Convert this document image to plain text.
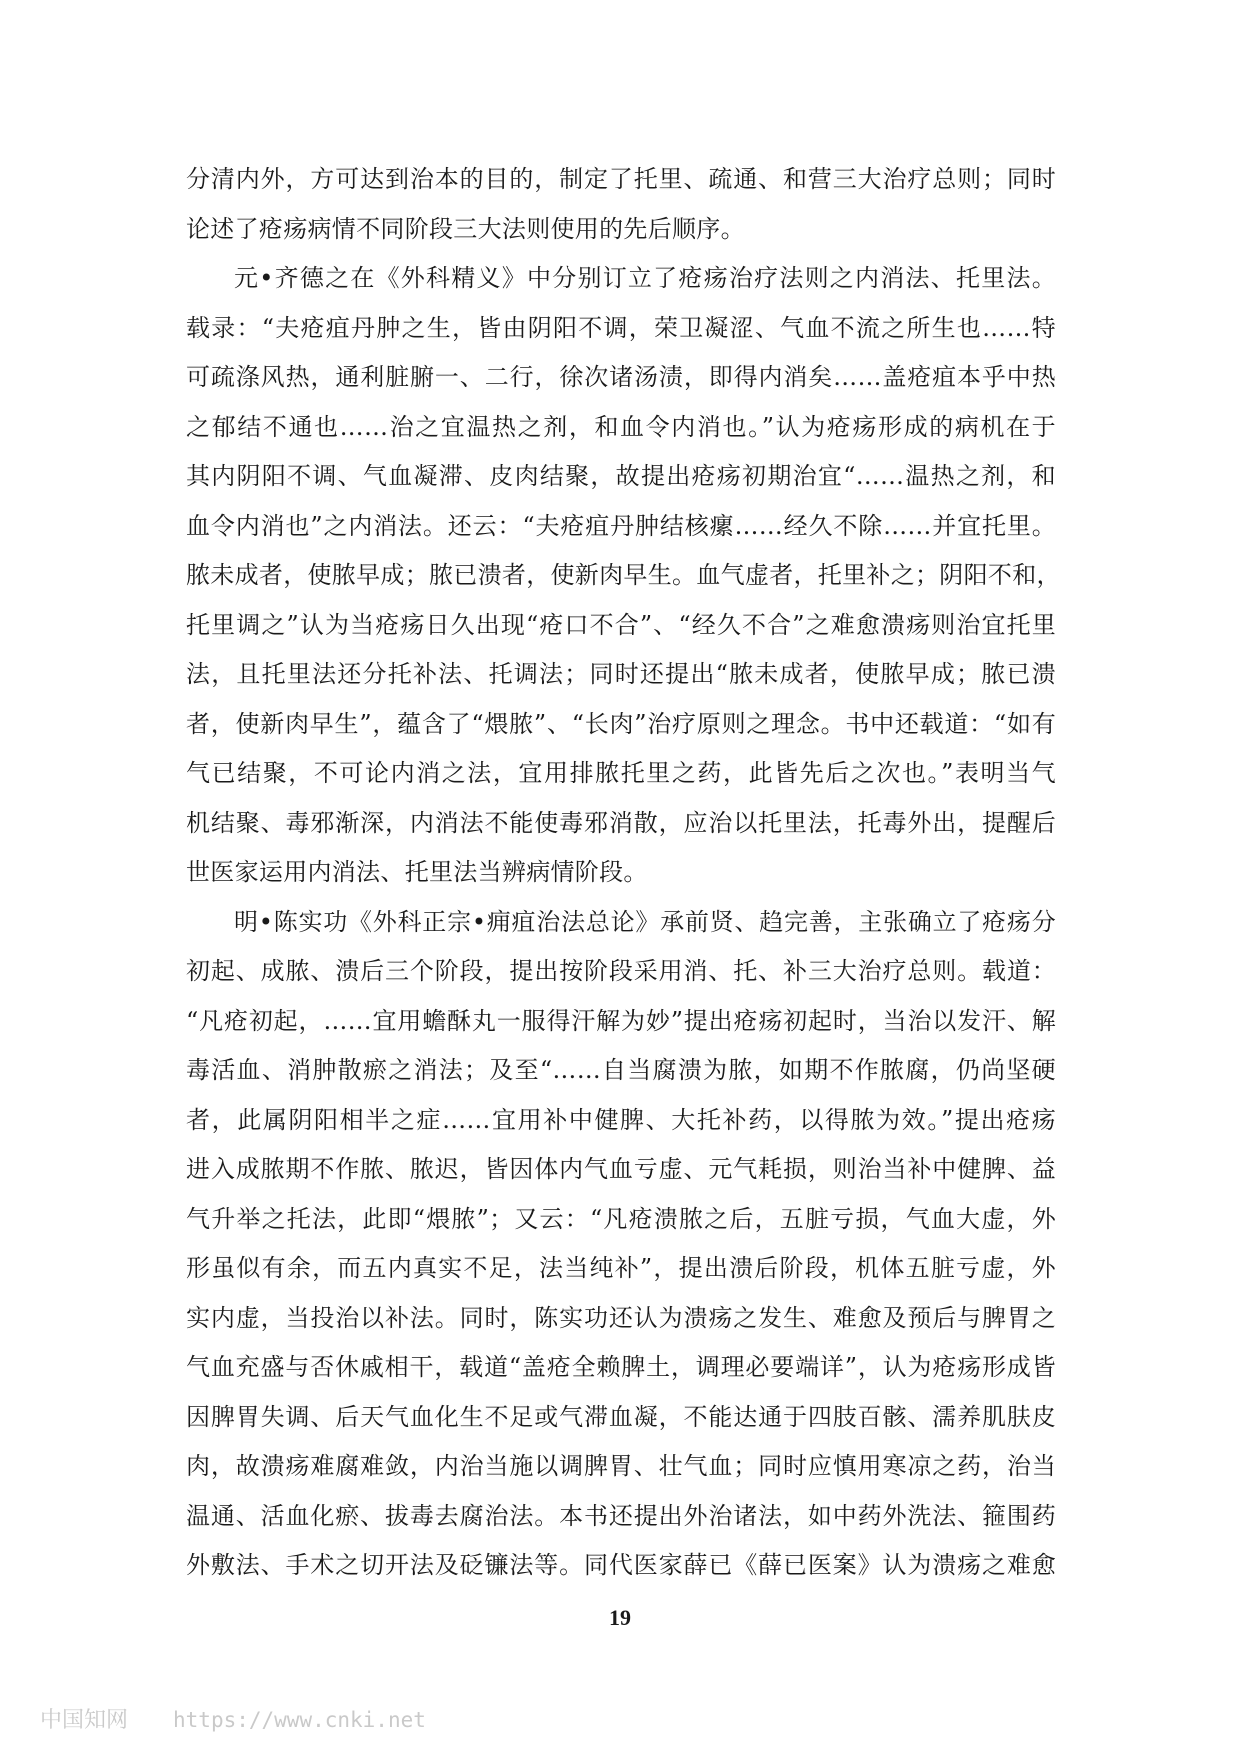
分清内外，方可达到治本的目的，制定了托里、疏通、和营三大治疗总则；同时
论述了疮疡病情不同阶段三大法则使用的先后顺序。
元•齐德之在《外科精义》中分别订立了疮疡治疗法则之内消法、托里法。
载录：“夫疮疽丹肿之生，皆由阴阳不调，荣卫凝涩、气血不流之所生也……特
可疏涤风热，通利脏腑一、二行，徐次诸汤渍，即得内消矣……盖疮疽本乎中热
之郁结不通也……治之宜温热之剂，和血令内消也。”认为疮疡形成的病机在于
其内阴阳不调、气血凝滞、皮肉结聚，故提出疮疡初期治宜“……温热之剂，和
血令内消也”之内消法。还云：“夫疮疽丹肿结核瘰……经久不除……并宜托里。
脓未成者，使脓早成；脓已溃者，使新肉早生。血气虚者，托里补之；阴阳不和，
托里调之”认为当疮疡日久出现“疮口不合”、“经久不合”之难愈溃疡则治宜托里
法，且托里法还分托补法、托调法；同时还提出“脓未成者，使脓早成；脓已溃
者，使新肉早生”，蕴含了“煨脓”、“长肉”治疗原则之理念。书中还载道：“如有
气已结聚，不可论内消之法，宜用排脓托里之药，此皆先后之次也。”表明当气
机结聚、毒邪渐深，内消法不能使毒邪消散，应治以托里法，托毒外出，提醒后
世医家运用内消法、托里法当辨病情阶段。
明•陈实功《外科正宗•痈疽治法总论》承前贤、趋完善，主张确立了疮疡分
初起、成脓、溃后三个阶段，提出按阶段采用消、托、补三大治疗总则。载道：
“凡疮初起，……宜用蟾酥丸一服得汗解为妙”提出疮疡初起时，当治以发汗、解
毒活血、消肿散瘀之消法；及至“……自当腐溃为脓，如期不作脓腐，仍尚坚硬
者，此属阴阳相半之症……宜用补中健脾、大托补药，以得脓为效。”提出疮疡
进入成脓期不作脓、脓迟，皆因体内气血亏虚、元气耗损，则治当补中健脾、益
气升举之托法，此即“煨脓”；又云：“凡疮溃脓之后，五脏亏损，气血大虚，外
形虽似有余，而五内真实不足，法当纯补”，提出溃后阶段，机体五脏亏虚，外
实内虚，当投治以补法。同时，陈实功还认为溃疡之发生、难愈及预后与脾胃之
气血充盛与否休戚相干，载道“盖疮全赖脾土，调理必要端详”，认为疮疡形成皆
因脾胃失调、后天气血化生不足或气滞血凝，不能达通于四肢百骸、濡养肌肤皮
肉，故溃疡难腐难敛，内治当施以调脾胃、壮气血；同时应慎用寒凉之药，治当
温通、活血化瘀、拔毒去腐治法。本书还提出外治诸法，如中药外洗法、箍围药
外敷法、手术之切开法及砭镰法等。同代医家薛已《薛已医案》认为溃疡之难愈
19
中国知网 https://www.cnki.net
